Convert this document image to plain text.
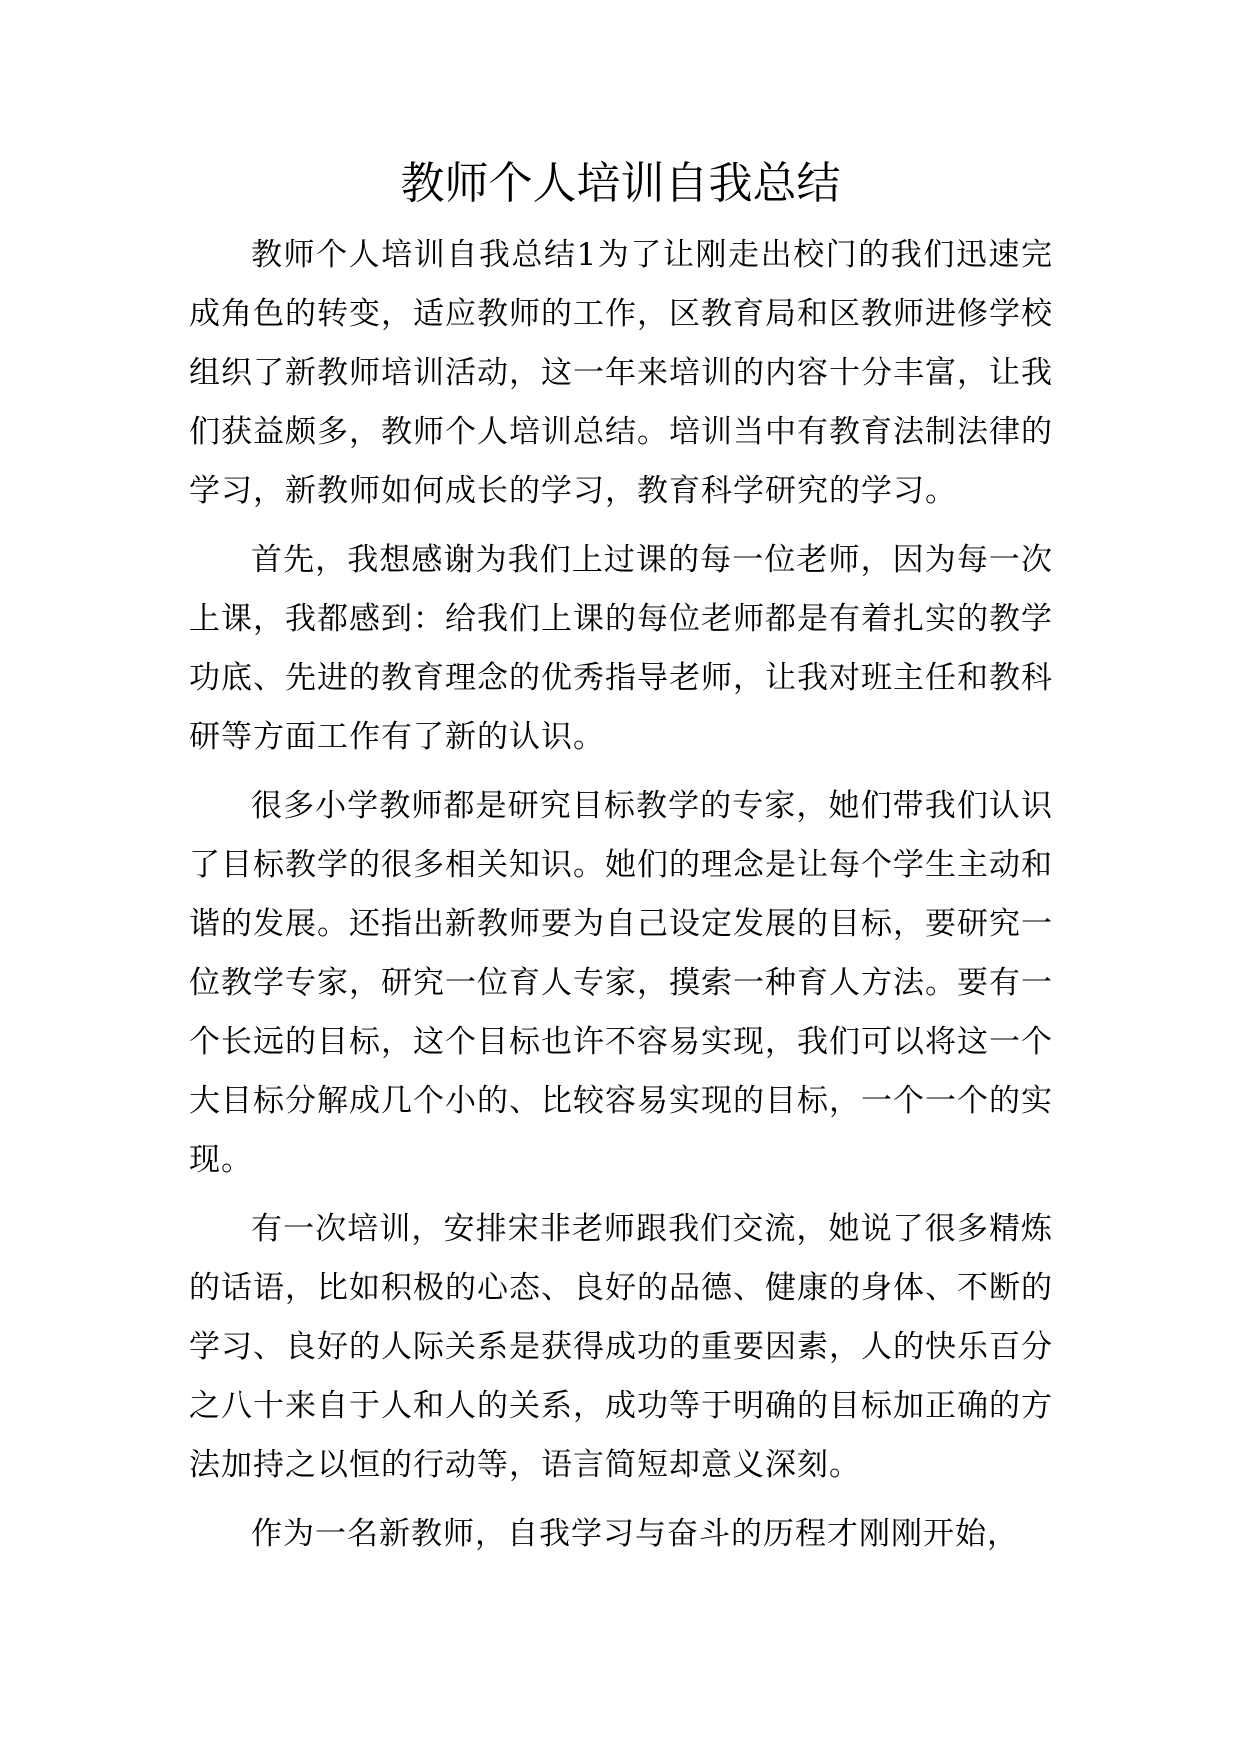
教师个人培训自我总结

教师个人培训自我总结1为了让刚走出校门的我们迅速完成角色的转变，适应教师的工作，区教育局和区教师进修学校组织了新教师培训活动，这一年来培训的内容十分丰富，让我们获益颇多，教师个人培训总结。培训当中有教育法制法律的学习，新教师如何成长的学习，教育科学研究的学习。

首先，我想感谢为我们上过课的每一位老师，因为每一次上课，我都感到：给我们上课的每位老师都是有着扎实的教学功底、先进的教育理念的优秀指导老师，让我对班主任和教科研等方面工作有了新的认识。

很多小学教师都是研究目标教学的专家，她们带我们认识了目标教学的很多相关知识。她们的理念是让每个学生主动和谐的发展。还指出新教师要为自己设定发展的目标，要研究一位教学专家，研究一位育人专家，摸索一种育人方法。要有一个长远的目标，这个目标也许不容易实现，我们可以将这一个大目标分解成几个小的、比较容易实现的目标，一个一个的实现。

有一次培训，安排宋非老师跟我们交流，她说了很多精炼的话语，比如积极的心态、良好的品德、健康的身体、不断的学习、良好的人际关系是获得成功的重要因素，人的快乐百分之八十来自于人和人的关系，成功等于明确的目标加正确的方法加持之以恒的行动等，语言简短却意义深刻。

作为一名新教师，自我学习与奋斗的历程才刚刚开始，
